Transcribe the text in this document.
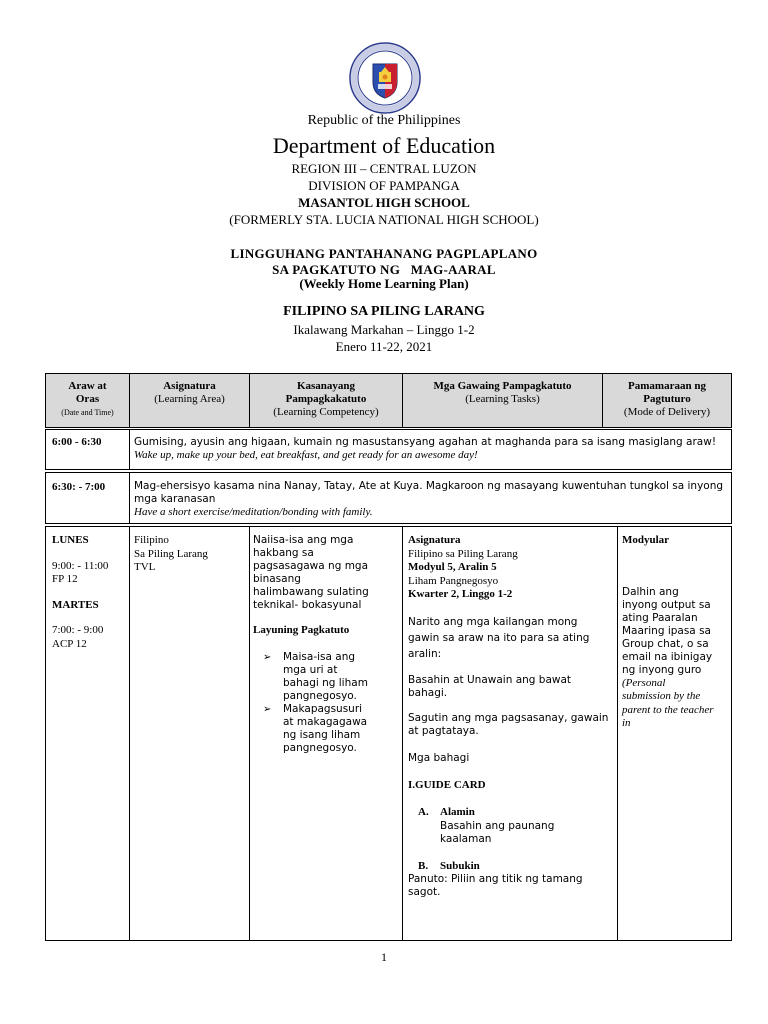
Republic of the Philippines
Department of Education
REGION III – CENTRAL LUZON
DIVISION OF PAMPANGA
MASANTOL HIGH SCHOOL
(FORMERLY STA. LUCIA NATIONAL HIGH SCHOOL)
LINGGUHANG PANTAHANANG PAGPLAPLANO
SA PAGKATUTO NG   MAG-AARAL
(Weekly Home Learning Plan)
FILIPINO SA PILING LARANG
Ikalawang Markahan – Linggo 1-2
Enero 11-22, 2021
Araw at
Oras
(Date and Time)
Asignatura
(Learning Area)
Kasanayang
Pampagkakatuto
(Learning Competency)
Mga Gawaing Pampagkatuto
(Learning Tasks)
Pamamaraan ng
Pagtuturo
(Mode of Delivery)
6:00 - 6:30	Gumising, ayusin ang higaan, kumain ng masustansyang agahan at maghanda para sa isang masiglang araw!

Wake up, make up your bed, eat breakfast, and get ready for an awesome day!

6:30: - 7:00	Mag-ehersisyo kasama nina Nanay, Tatay, Ate at Kuya. Magkaroon ng masayang kuwentuhan tungkol sa inyong mga karanasan

Have a short exercise/meditation/bonding with family.

LUNES

9:00: - 11:00

FP 12

MARTES

7:00: - 9:00

ACP 12

Filipino

Sa Piling Larang

TVL

Naiisa-isa ang mga hakbang sa pagsasagawa ng mga binasang halimbawang sulating teknikal- bokasyunal

Layuning Pagkatuto

➢ Maisa-isa ang mga uri at bahagi ng liham pangnegosyo.
➢ Makapagsusuri at makagagawa ng isang liham pangnegosyo.

Asignatura

Filipino sa Piling Larang

Modyul 5, Aralin 5

Liham Pangnegosyo

Kwarter 2, Linggo 1-2

Narito ang mga kailangan mong gawin sa araw na ito para sa ating aralin:

Basahin at Unawain ang bawat bahagi.

Sagutin ang mga pagsasanay, gawain at pagtataya.

Mga bahagi

I.GUIDE CARD

A. Alamin

Basahin ang paunang kaalaman

B. Subukin

Panuto: Piliin ang titik ng tamang sagot.

Modyular

Dalhin ang inyong output sa ating Paaralan Maaring ipasa sa Group chat, o sa email na ibinigay ng inyong guro

(Personal submission by the parent to the teacher in

1
